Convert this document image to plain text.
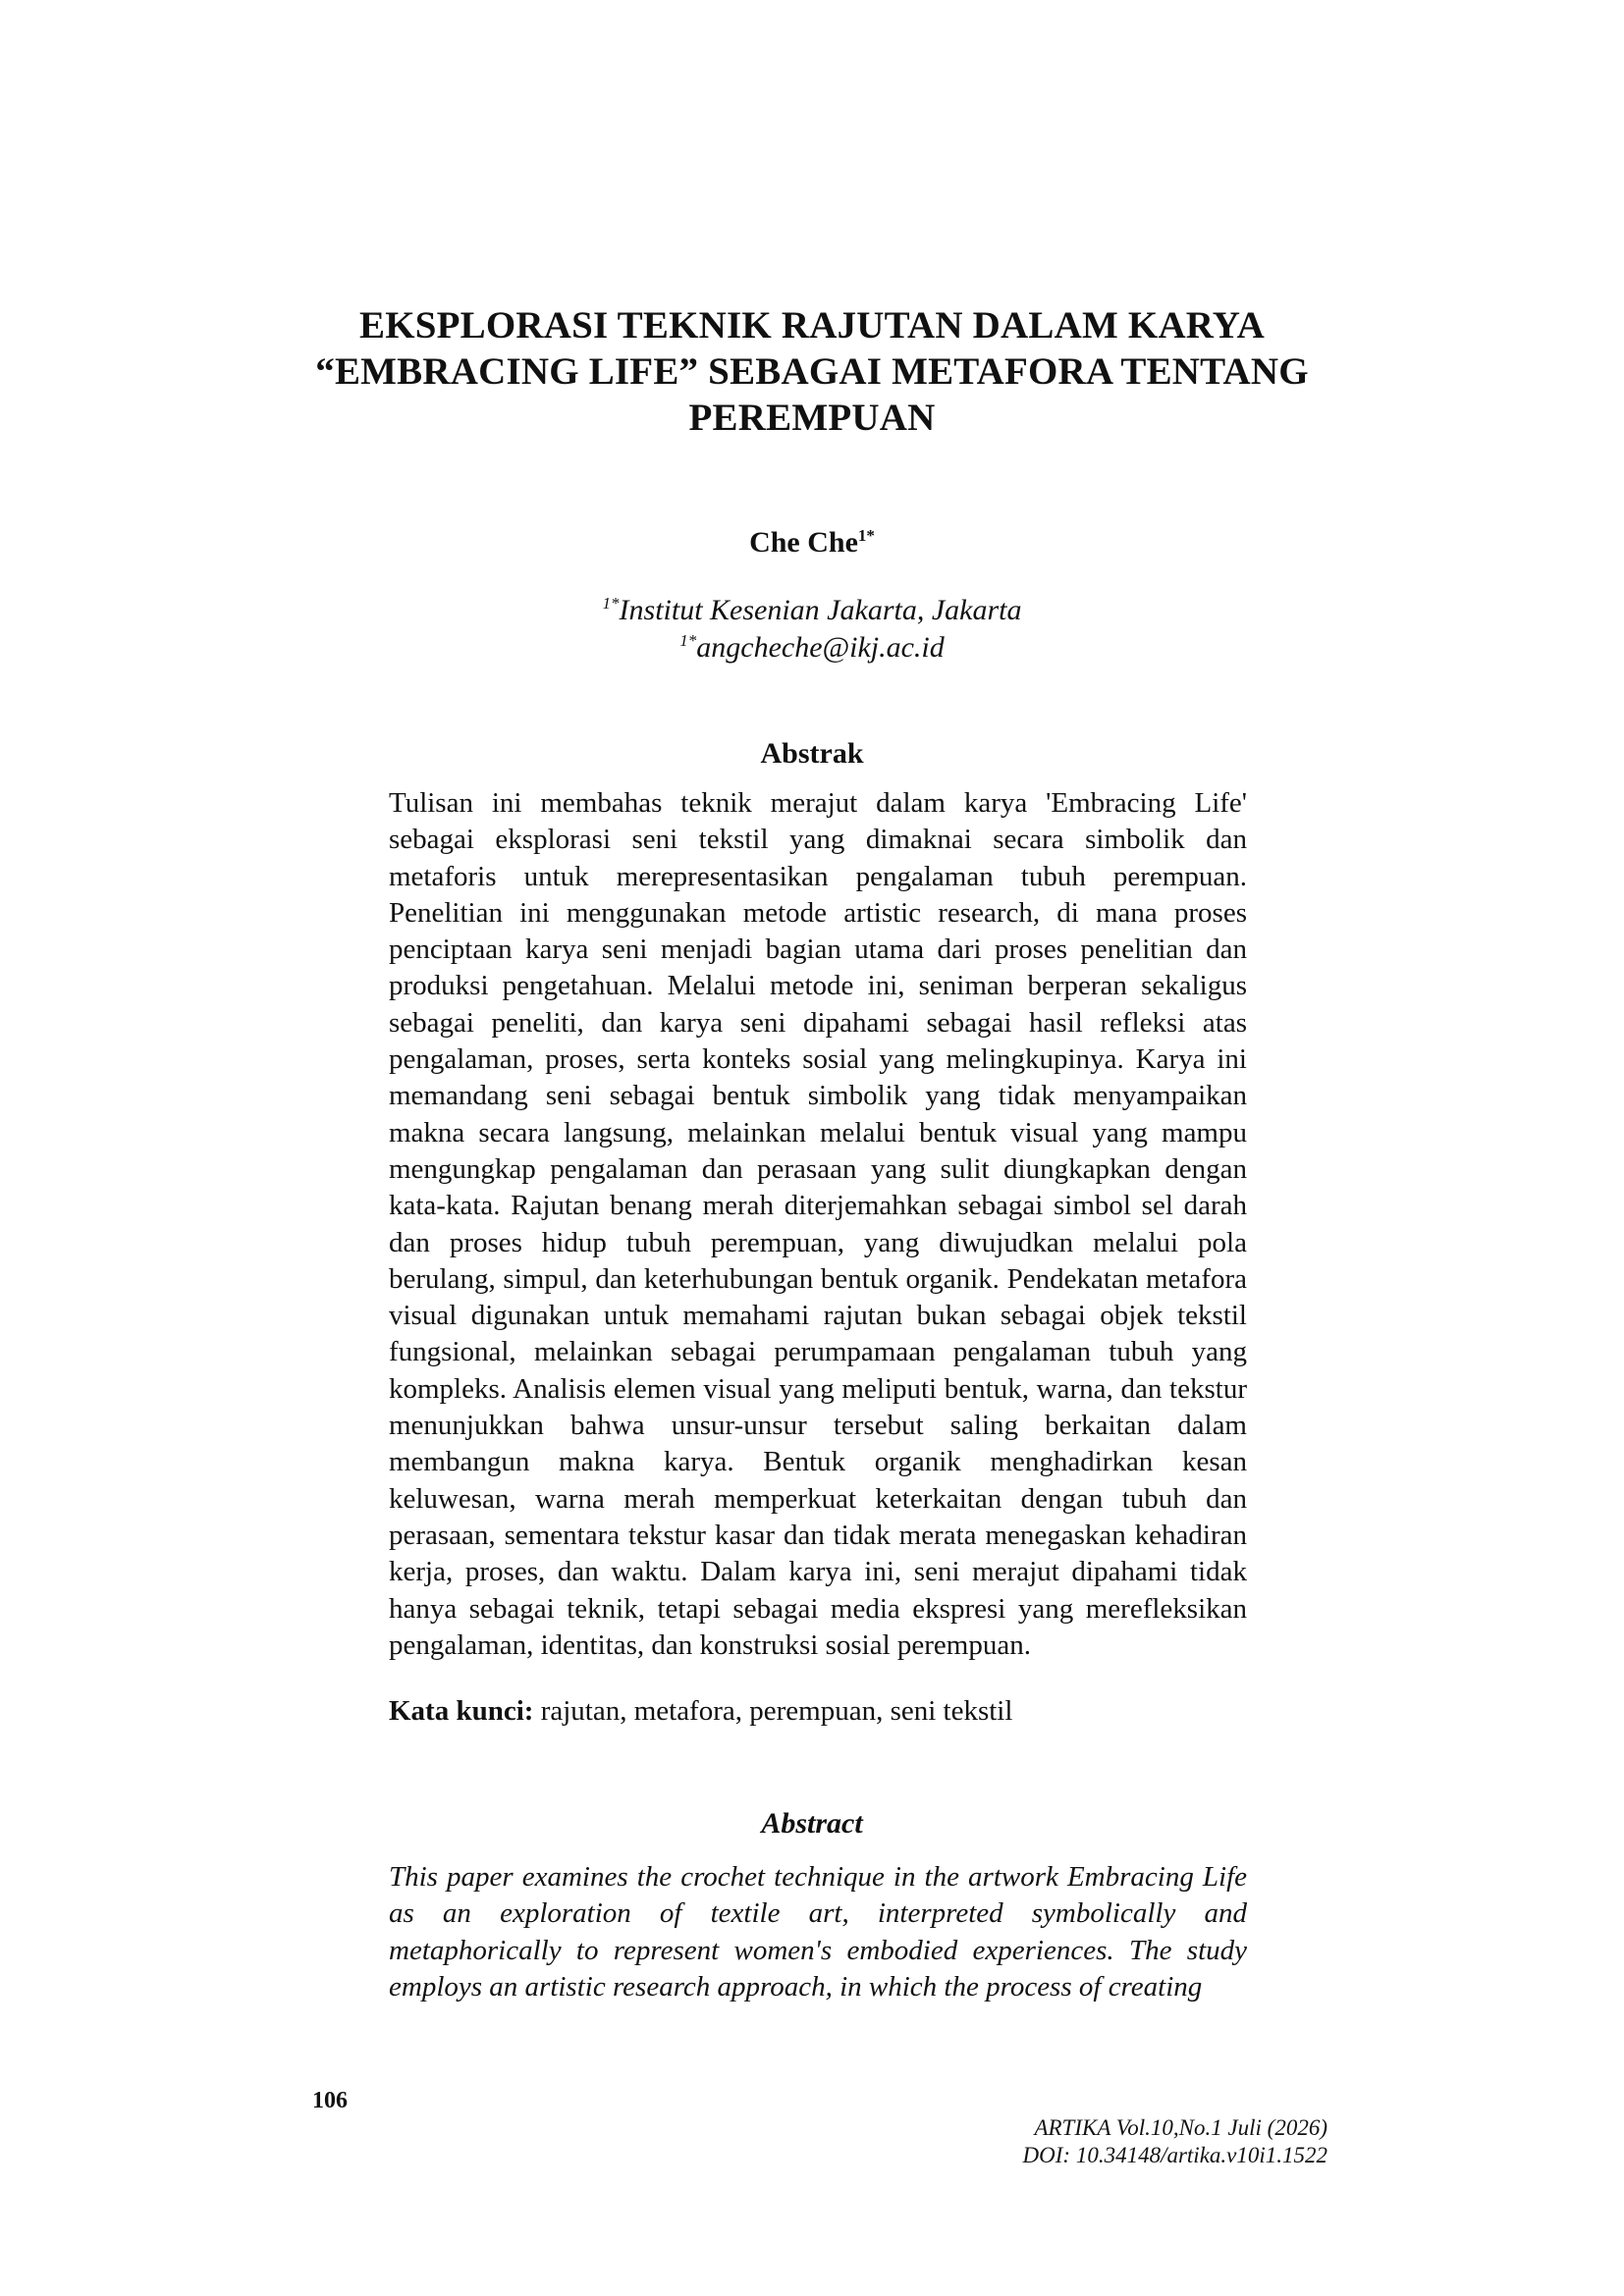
EKSPLORASI TEKNIK RAJUTAN DALAM KARYA
“EMBRACING LIFE” SEBAGAI METAFORA TENTANG
PEREMPUAN
Che Che$^{1*}$
$^{1*}$Institut Kesenian Jakarta, Jakarta
$^{1*}$angcheche@ikj.ac.id
Abstrak
Tulisan ini membahas teknik merajut dalam karya 'Embracing Life' sebagai eksplorasi seni tekstil yang dimaknai secara simbolik dan metaforis untuk merepresentasikan pengalaman tubuh perempuan. Penelitian ini menggunakan metode artistic research, di mana proses penciptaan karya seni menjadi bagian utama dari proses penelitian dan produksi pengetahuan. Melalui metode ini, seniman berperan sekaligus sebagai peneliti, dan karya seni dipahami sebagai hasil refleksi atas pengalaman, proses, serta konteks sosial yang melingkupinya. Karya ini memandang seni sebagai bentuk simbolik yang tidak menyampaikan makna secara langsung, melainkan melalui bentuk visual yang mampu mengungkap pengalaman dan perasaan yang sulit diungkapkan dengan kata-kata. Rajutan benang merah diterjemahkan sebagai simbol sel darah dan proses hidup tubuh perempuan, yang diwujudkan melalui pola berulang, simpul, dan keterhubungan bentuk organik. Pendekatan metafora visual digunakan untuk memahami rajutan bukan sebagai objek tekstil fungsional, melainkan sebagai perumpamaan pengalaman tubuh yang kompleks. Analisis elemen visual yang meliputi bentuk, warna, dan tekstur menunjukkan bahwa unsur-unsur tersebut saling berkaitan dalam membangun makna karya. Bentuk organik menghadirkan kesan keluwesan, warna merah memperkuat keterkaitan dengan tubuh dan perasaan, sementara tekstur kasar dan tidak merata menegaskan kehadiran kerja, proses, dan waktu. Dalam karya ini, seni merajut dipahami tidak hanya sebagai teknik, tetapi sebagai media ekspresi yang merefleksikan pengalaman, identitas, dan konstruksi sosial perempuan.
Kata kunci: rajutan, metafora, perempuan, seni tekstil
Abstract
This paper examines the crochet technique in the artwork Embracing Life as an exploration of textile art, interpreted symbolically and metaphorically to represent women's embodied experiences. The study employs an artistic research approach, in which the process of creating
106
ARTIKA Vol.10,No.1 Juli (2026)
DOI: 10.34148/artika.v10i1.1522
